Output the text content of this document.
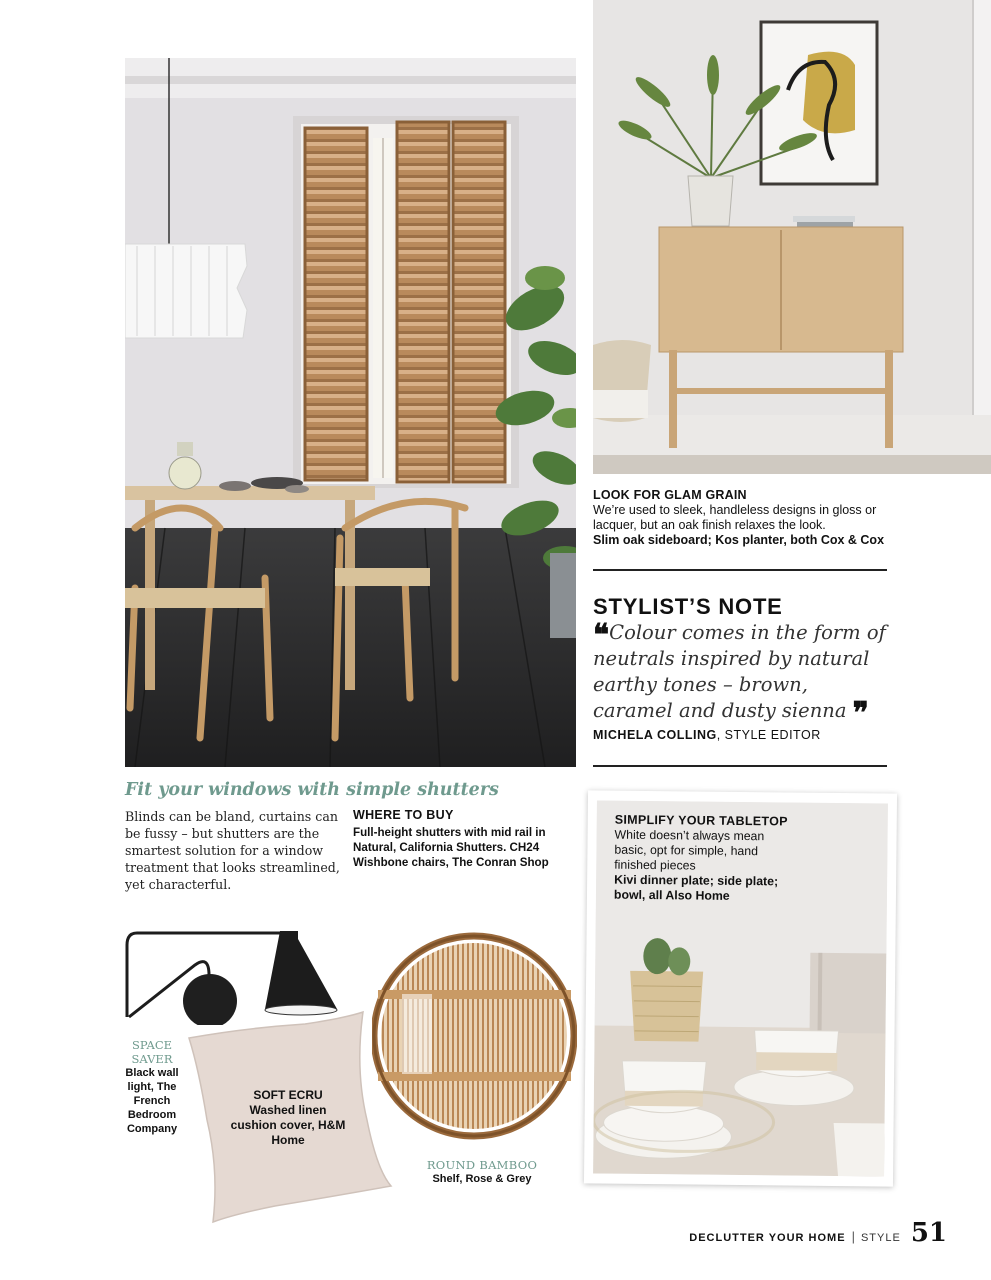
LOOK FOR GLAM GRAIN
We’re used to sleek, handleless designs in gloss or lacquer, but an oak finish relaxes the look.
Slim oak sideboard; Kos planter, both Cox & Cox
STYLIST’S NOTE
❝Colour comes in the form of neutrals inspired by natural earthy tones – brown, caramel and dusty sienna ❞
MICHELA COLLING, STYLE EDITOR
Fit your windows with simple shutters
Blinds can be bland, curtains can be fussy – but shutters are the smartest solution for a window treatment that looks streamlined, yet characterful.
WHERE TO BUY
Full-height shutters with mid rail in Natural, California Shutters. CH24 Wishbone chairs, The Conran Shop
SIMPLIFY YOUR TABLETOP
White doesn’t always mean basic, opt for simple, hand finished pieces
Kivi dinner plate; side plate; bowl, all Also Home
SPACE SAVER
Black wall light, The French Bedroom Company
SOFT ECRU
Washed linen cushion cover, H&M Home
ROUND BAMBOO
Shelf, Rose & Grey
DECLUTTER YOUR HOME | STYLE 51
